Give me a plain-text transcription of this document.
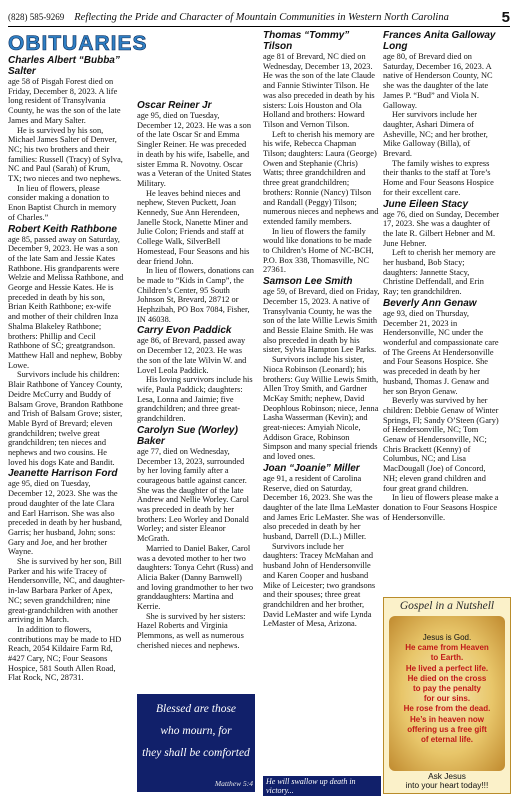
(828) 585-9269 Reflecting the Pride and Character of Mountain Communities in Western North Carolina	5
OBITUARIES
Charles Albert “Bubba” Salter

age 58 of Pisgah Forest died on Friday, December 8, 2023. A life long resident of Transylvania County, he was the son of the late James and Mary Salter.

He is survived by his son, Michael James Salter of Denver, NC; his two brothers and their families: Russell (Tracy) of Sylva, NC and Paul (Sarah) of Krum, TX; two nieces and two nephews.

In lieu of flowers, please consider making a donation to Enon Baptist Church in memory of Charles.”

Robert Keith Rathbone

age 85, passed away on Saturday, December 9, 2023. He was a son of the late Sam and Jessie Kates Rathbone. His grandparents were Welzie and Melissa Rathbone, and George and Hessie Kates. He is preceded in death by his son, Brian Keith Rathbone; ex-wife and mother of their children Inza Shalma Blakeley Rathbone; brothers: Phillip and Cecil Rathbone of SC; greatgrandson. Matthew Hall and nephew, Bobby Lowe.

Survivors include his children: Blair Rathbone of Yancey County, Deidre McCurry and Buddy of Balsam Grove, Brandon Rathbone and Trish of Balsam Grove; sister, Mable Byrd of Brevard; eleven grandchildren; twelve great grandchildren; ten nieces and nephews and two cousins. He loved his dogs Kate and Bandit.

Jeanette Harrison Ford

age 95, died on Tuesday, December 12, 2023. She was the proud daughter of the late Clara and Earl Harrison. She was also preceded in death by her husband, Garris; her husband, John; sons: Gary and Joe, and her brother Wayne.

She is survived by her son, Bill Parker and his wife Tracey of Hendersonville, NC, and daughter-in-law Barbara Parker of Apex, NC; seven grandchildren; nine great-grandchildren with another arriving in March.

In addition to flowers, contributions may be made to HD Reach, 2054 Kildaire Farm Rd, #427 Cary, NC; Four Seasons Hospice, 581 South Allen Road, Flat Rock, NC, 28731.

Oscar Reiner Jr

age 95, died on Tuesday, December 12, 2023. He was a son of the late Oscar Sr and Emma Singler Reiner. He was preceded in death by his wife, Isabelle, and sister Emma R. Novotny. Oscar was a Veteran of the United States Military.

He leaves behind nieces and nephew, Steven Puckett, Joan Kennedy, Sue Ann Herendeen, Janelle Stock, Nanette Miner and Julie Colon; Friends and staff at College Walk, SilverBell Homestead, Four Seasons and his dear friend John.

In lieu of flowers, donations can be made to “Kids in Camp”, the Children’s Center, 95 South Johnson St, Brevard, 28712 or Hephzibah, PO Box 7084, Fisher, IN 46038.

Carry Evon Paddick

age 86, of Brevard, passed away on December 12, 2023. He was the son of the late Wilvin W. and Lovel Leola Paddick.

His loving survivors include his wife, Paula Paddick; daughters: Lesa, Lonna and Jaimie; five grandchildren; and three great-grandchildren.

Carolyn Sue (Worley) Baker

age 77, died on Wednesday, December 13, 2023, surrounded by her loving family after a courageous battle against cancer. She was the daughter of the late Andrew and Nellie Worley. Carol was preceded in death by her brothers: Leo Worley and Donald Worley; and sister Eleanor McGrath.

Married to Daniel Baker, Carol was a devoted mother to her two daughters: Tonya Cehrt (Russ) and Alicia Baker (Danny Barnwell) and loving grandmother to her two granddaughters: Martina and Kerrie.

She is survived by her sisters: Hazel Roberts and Virginia Plemmons, as well as numerous cherished nieces and nephews.

Thomas “Tommy” Tilson

age 81 of Brevard, NC died on Wednesday, December 13, 2023. He was the son of the late Claude and Fannie Stiwinter Tilson. He was also preceded in death by his sisters: Lois Houston and Ola Holland and brothers: Howard Tilson and Vernon Tilson.

Left to cherish his memory are his wife, Rebecca Chapman Tilson; daughters: Laura (George) Owen and Stephanie (Chris) Watts; three grandchildren and three great grandchildren; brothers: Ronnie (Nancy) Tilson and Randall (Peggy) Tilson; numerous nieces and nephews and extended family members.

In lieu of flowers the family would like donations to be made to Children’s Home of NC-BCH, P.O. Box 338, Thomasville, NC 27361.

Samson Lee Smith

age 59, of Brevard, died on Friday, December 15, 2023. A native of Transylvania County, he was the son of the late Willie Lewis Smith and Bessie Elaine Smith. He was also preceded in death by his sister, Sylvia Hampton Lee Parks.

Survivors include his sister, Nioca Robinson (Leonard); his brothers: Guy Willie Lewis Smith, Allen Troy Smith, and Gardner McKay Smith; nephew, David Deophlous Robinson; niece, Jenna Lasha Wasserman (Kevin); and great-nieces: Amyiah Nicole, Addison Grace, Robinson Simpson and many special friends and loved ones.

Joan “Joanie” Miller

age 91, a resident of Carolina Reserve, died on Saturday, December 16, 2023. She was the daughter of the late Ilma LeMaster and James Eric LeMaster. She was also preceded in death by her husband, Darrell (D.L.) Miller.

Survivors include her daughters: Tracey McMahan and husband John of Hendersonville and Karen Cooper and husband Mike of Leicester; two grandsons and their spouses; three great grandchildren and her brother, David LeMaster and wife Lynda LeMaster of Mesa, Arizona.

Frances Anita Galloway Long

age 80, of Brevard died on Saturday, December 16, 2023. A native of Henderson County, NC she was the daughter of the late James P. “Bud” and Viola N. Galloway.

Her survivors include her daughter, Ashari Dimera of Asheville, NC; and her brother, Mike Galloway (Billa), of Brevard.

The family wishes to express their thanks to the staff at Tore’s Home and Four Seasons Hospice for their excellent care.

June Eileen Stacy

age 76, died on Sunday, December 17, 2023. She was a daughter of the late R. Gilbert Hebner and M. June Hebner.

Left to cherish her memory are her husband, Bob Stacy; daughters: Jannette Stacy, Christine Deffendall, and Erin Ray; ten grandchildren.

Beverly Ann Genaw

age 93, died on Thursday, December 21, 2023 in Hendersonville, NC under the wonderful and compassionate care of The Greens At Hendersonville and Four Seasons Hospice. She was preceded in death by her husband, Thomas J. Genaw and her son Bryon Genaw.

Beverly was survived by her children: Debbie Genaw of Winter Springs, Fl; Sandy O’Steen (Gary) of Hendersonville, NC; Tom Genaw of Hendersonville, NC; Chris Brackett (Kenny) of Columbus, NC; and Lisa MacDougall (Joe) of Concord, NH; eleven grand children and four great grand children.

In lieu of flowers please make a donation to Four Seasons Hospice of Hendersonville.

Blessed are those
who mourn, for
they shall be comforted
Matthew 5:4	He will swallow up death in victory...
Gospel in a Nutshell
Jesus is God.
He came from Heaven
to Earth.
He lived a perfect life.
He died on the cross
to pay the penalty
for our sins.
He rose from the dead.
He’s in heaven now
offering us a free gift
of eternal life.
Ask Jesus
into your heart today!!!
